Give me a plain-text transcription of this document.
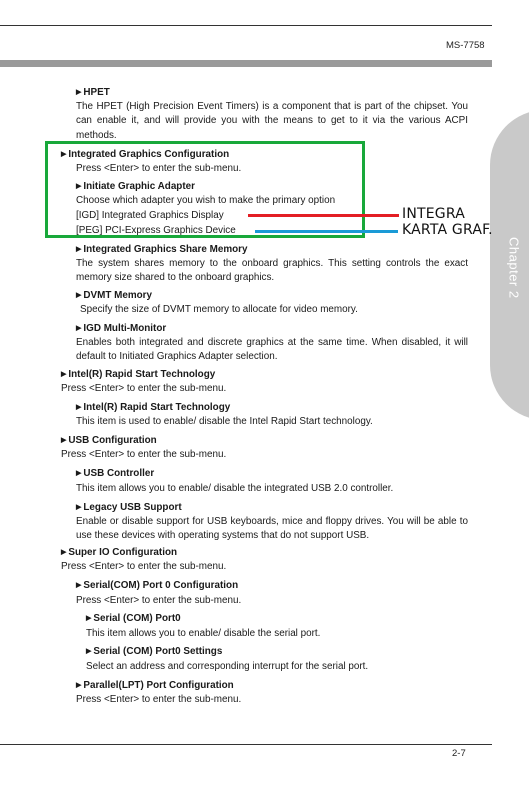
MS-7758
Chapter 2
▶ HPET
The HPET (High Precision Event Timers) is a component that is part of the chipset. You can enable it, and will provide you with the means to get to it via the various ACPI methods.
▶ Integrated Graphics Configuration
Press <Enter> to enter the sub-menu.
▶ Initiate Graphic Adapter
Choose which adapter you wish to make the primary option
[IGD] Integrated Graphics Display
[PEG] PCI-Express Graphics Device
▶ Integrated Graphics Share Memory
The system shares memory to the onboard graphics. This setting controls the exact memory size shared to the onboard graphics.
▶ DVMT Memory
Specify the size of DVMT memory to allocate for video memory.
▶ IGD Multi-Monitor
Enables both integrated and discrete graphics at the same time. When disabled, it will default to Initiated Graphics Adapter selection.
▶ Intel(R) Rapid Start Technology
Press <Enter> to enter the sub-menu.
▶ Intel(R) Rapid Start Technology
This item is used to enable/ disable the Intel Rapid Start technology.
▶ USB Configuration
Press <Enter> to enter the sub-menu.
▶ USB Controller
This item allows you to enable/ disable the integrated USB 2.0 controller.
▶ Legacy USB Support
Enable or disable support for USB keyboards, mice and floppy drives. You will be able to use these devices with operating systems that do not support USB.
▶ Super IO Configuration
Press <Enter> to enter the sub-menu.
▶ Serial(COM) Port 0 Configuration
Press <Enter> to enter the sub-menu.
▶ Serial (COM) Port0
This item allows you to enable/ disable the serial port.
▶ Serial (COM) Port0 Settings
Select an address and corresponding interrupt for the serial port.
▶ Parallel(LPT) Port Configuration
Press <Enter> to enter the sub-menu.
INTEGRA
KARTA GRAF.
2-7
